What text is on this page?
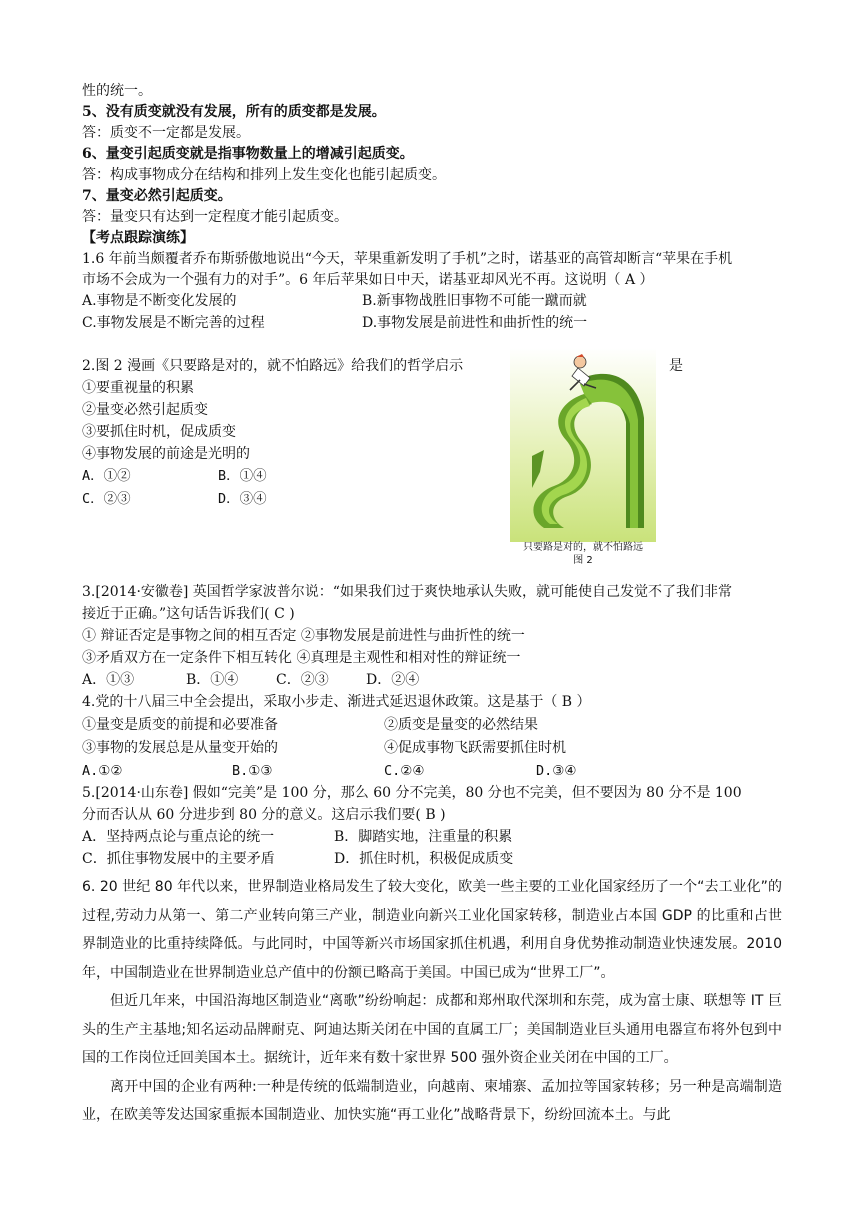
性的统一。
5、没有质变就没有发展，所有的质变都是发展。
答：质变不一定都是发展。
6、量变引起质变就是指事物数量上的增减引起质变。
答：构成事物成分在结构和排列上发生变化也能引起质变。
7、量变必然引起质变。
答：量变只有达到一定程度才能引起质变。
【考点跟踪演练】
1.6 年前当颇覆者乔布斯骄傲地说出“今天，苹果重新发明了手机”之时，诺基亚的高管却断言“苹果在手机
市场不会成为一个强有力的对手”。6 年后苹果如日中天，诺基亚却风光不再。这说明（ A ）
A.事物是不断变化发展的	B.新事物战胜旧事物不可能一蹴而就
C.事物发展是不断完善的过程	D.事物发展是前进性和曲折性的统一
2.图 2 漫画《只要路是对的，就不怕路远》给我们的哲学启示	是
①要重视量的积累
②量变必然引起质变
③要抓住时机，促成质变
④事物发展的前途是光明的
A．①②	B．①④
C．②③	D．③④
只要路是对的，就不怕路远
图 2
3.[2014·安徽卷] 英国哲学家波普尔说：“如果我们过于爽快地承认失败，就可能使自己发觉不了我们非常
接近于正确。”这句话告诉我们( C )
① 辩证否定是事物之间的相互否定 ②事物发展是前进性与曲折性的统一
③矛盾双方在一定条件下相互转化 ④真理是主观性和相对性的辩证统一
A．①③	B．①④	C．②③	D．②④
4.党的十八届三中全会提出，采取小步走、渐进式延迟退休政策。这是基于（ B ）
①量变是质变的前提和必要准备	②质变是量变的必然结果
③事物的发展总是从量变开始的	④促成事物飞跃需要抓住时机
A.①②	B.①③	C.②④	D.③④
5.[2014·山东卷] 假如“完美”是 100 分，那么 60 分不完美，80 分也不完美，但不要因为 80 分不是 100
分而否认从 60 分进步到 80 分的意义。这启示我们要( B )
A．坚持两点论与重点论的统一	B．脚踏实地，注重量的积累
C．抓住事物发展中的主要矛盾	D．抓住时机，积极促成质变

6. 20 世纪 80 年代以来，世界制造业格局发生了较大变化，欧美一些主要的工业化国家经历了一个“去工业化”的过程,劳动力从第一、第二产业转向第三产业，制造业向新兴工业化国家转移，制造业占本国 GDP 的比重和占世界制造业的比重持续降低。与此同时，中国等新兴市场国家抓住机遇，利用自身优势推动制造业快速发展。2010 年，中国制造业在世界制造业总产值中的份额已略高于美国。中国已成为“世界工厂”。

但近几年来，中国沿海地区制造业“离歌”纷纷响起：成都和郑州取代深圳和东莞，成为富士康、联想等 IT 巨头的生产主基地;知名运动品牌耐克、阿迪达斯关闭在中国的直属工厂；美国制造业巨头通用电器宣布将外包到中国的工作岗位迁回美国本土。据统计，近年来有数十家世界 500 强外资企业关闭在中国的工厂。

离开中国的企业有两种:一种是传统的低端制造业，向越南、柬埔寨、孟加拉等国家转移；另一种是高端制造业，在欧美等发达国家重振本国制造业、加快实施“再工业化”战略背景下，纷纷回流本土。与此
